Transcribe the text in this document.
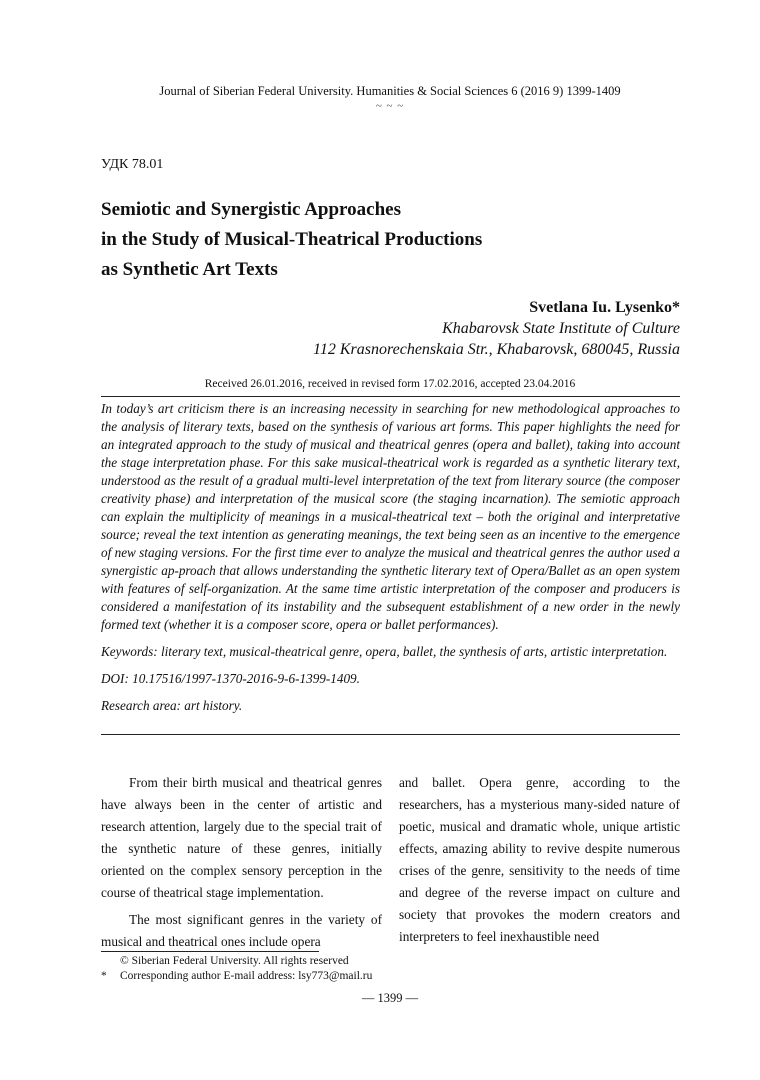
Journal of Siberian Federal University. Humanities & Social Sciences 6 (2016 9) 1399-1409
~ ~ ~
УДК 78.01
Semiotic and Synergistic Approaches
in the Study of Musical-Theatrical Productions
as Synthetic Art Texts
Svetlana Iu. Lysenko*
Khabarovsk State Institute of Culture
112 Krasnorechenskaia Str., Khabarovsk, 680045, Russia
Received 26.01.2016, received in revised form 17.02.2016, accepted 23.04.2016

In today’s art criticism there is an increasing necessity in searching for new methodological approaches to the analysis of literary texts, based on the synthesis of various art forms. This paper highlights the need for an integrated approach to the study of musical and theatrical genres (opera and ballet), taking into account the stage interpretation phase. For this sake musical-theatrical work is regarded as a synthetic literary text, understood as the result of a gradual multi-level interpretation of the text from literary source (the composer creativity phase) and interpretation of the musical score (the staging incarnation). The semiotic approach can explain the multiplicity of meanings in a musical-theatrical text – both the original and interpretative source; reveal the text intention as generating meanings, the text being seen as an incentive to the emergence of new staging versions. For the first time ever to analyze the musical and theatrical genres the author used a synergistic ap-proach that allows understanding the synthetic literary text of Opera/Ballet as an open system with features of self-organization. At the same time artistic interpretation of the composer and producers is considered a manifestation of its instability and the subsequent establishment of a new order in the newly formed text (whether it is a composer score, opera or ballet performances).

Keywords: literary text, musical-theatrical genre, opera, ballet, the synthesis of arts, artistic interpretation.

DOI: 10.17516/1997-1370-2016-9-6-1399-1409.

Research area: art history.

From their birth musical and theatrical genres have always been in the center of artistic and research attention, largely due to the special trait of the synthetic nature of these genres, initially oriented on the complex sensory perception in the course of theatrical stage implementation.

The most significant genres in the variety of musical and theatrical ones include opera

and ballet. Opera genre, according to the researchers, has a mysterious many-sided nature of poetic, musical and dramatic whole, unique artistic effects, amazing ability to revive despite numerous crises of the genre, sensitivity to the needs of time and degree of the reverse impact on culture and society that provokes the modern creators and interpreters to feel inexhaustible need

© Siberian Federal University. All rights reserved
* Corresponding author E-mail address: lsy773@mail.ru
— 1399 —
